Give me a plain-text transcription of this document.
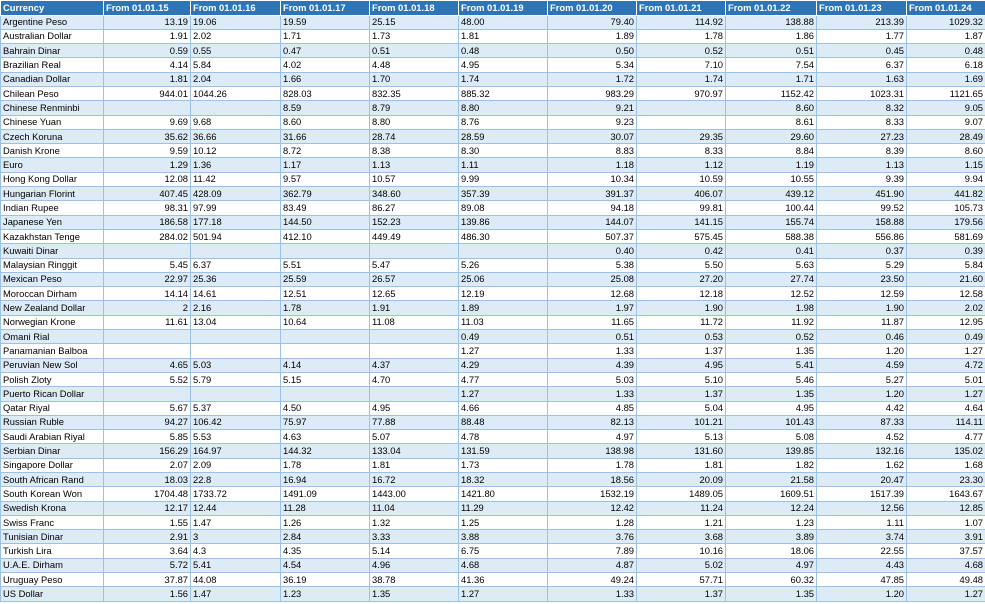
Currency	From 01.01.15	From 01.01.16	From 01.01.17	From 01.01.18	From 01.01.19	From 01.01.20	From 01.01.21	From 01.01.22	From 01.01.23	From 01.01.24
Argentine Peso	13.19	19.06	19.59	25.15	48.00	79.40	114.92	138.88	213.39	1029.32
Australian Dollar	1.91	2.02	1.71	1.73	1.81	1.89	1.78	1.86	1.77	1.87
Bahrain Dinar	0.59	0.55	0.47	0.51	0.48	0.50	0.52	0.51	0.45	0.48
Brazilian Real	4.14	5.84	4.02	4.48	4.95	5.34	7.10	7.54	6.37	6.18
Canadian Dollar	1.81	2.04	1.66	1.70	1.74	1.72	1.74	1.71	1.63	1.69
Chilean Peso	944.01	1044.26	828.03	832.35	885.32	983.29	970.97	1152.42	1023.31	1121.65
Chinese Renminbi			8.59	8.79	8.80	9.21		8.60	8.32	9.05
Chinese Yuan	9.69	9.68	8.60	8.80	8.76	9.23		8.61	8.33	9.07
Czech Koruna	35.62	36.66	31.66	28.74	28.59	30.07	29.35	29.60	27.23	28.49
Danish Krone	9.59	10.12	8.72	8.38	8.30	8.83	8.33	8.84	8.39	8.60
Euro	1.29	1.36	1.17	1.13	1.11	1.18	1.12	1.19	1.13	1.15
Hong Kong Dollar	12.08	11.42	9.57	10.57	9.99	10.34	10.59	10.55	9.39	9.94
Hungarian Florint	407.45	428.09	362.79	348.60	357.39	391.37	406.07	439.12	451.90	441.82
Indian Rupee	98.31	97.99	83.49	86.27	89.08	94.18	99.81	100.44	99.52	105.73
Japanese Yen	186.58	177.18	144.50	152.23	139.86	144.07	141.15	155.74	158.88	179.56
Kazakhstan Tenge	284.02	501.94	412.10	449.49	486.30	507.37	575.45	588.38	556.86	581.69
Kuwaiti Dinar						0.40	0.42	0.41	0.37	0.39
Malaysian Ringgit	5.45	6.37	5.51	5.47	5.26	5.38	5.50	5.63	5.29	5.84
Mexican Peso	22.97	25.36	25.59	26.57	25.06	25.08	27.20	27.74	23.50	21.60
Moroccan Dirham	14.14	14.61	12.51	12.65	12.19	12.68	12.18	12.52	12.59	12.58
New Zealand Dollar	2	2.16	1.78	1.91	1.89	1.97	1.90	1.98	1.90	2.02
Norwegian Krone	11.61	13.04	10.64	11.08	11.03	11.65	11.72	11.92	11.87	12.95
Omani Rial					0.49	0.51	0.53	0.52	0.46	0.49
Panamanian Balboa					1.27	1.33	1.37	1.35	1.20	1.27
Peruvian New Sol	4.65	5.03	4.14	4.37	4.29	4.39	4.95	5.41	4.59	4.72
Polish Zloty	5.52	5.79	5.15	4.70	4.77	5.03	5.10	5.46	5.27	5.01
Puerto Rican Dollar					1.27	1.33	1.37	1.35	1.20	1.27
Qatar Riyal	5.67	5.37	4.50	4.95	4.66	4.85	5.04	4.95	4.42	4.64
Russian Ruble	94.27	106.42	75.97	77.88	88.48	82.13	101.21	101.43	87.33	114.11
Saudi Arabian Riyal	5.85	5.53	4.63	5.07	4.78	4.97	5.13	5.08	4.52	4.77
Serbian Dinar	156.29	164.97	144.32	133.04	131.59	138.98	131.60	139.85	132.16	135.02
Singapore Dollar	2.07	2.09	1.78	1.81	1.73	1.78	1.81	1.82	1.62	1.68
South African Rand	18.03	22.8	16.94	16.72	18.32	18.56	20.09	21.58	20.47	23.30
South Korean Won	1704.48	1733.72	1491.09	1443.00	1421.80	1532.19	1489.05	1609.51	1517.39	1643.67
Swedish Krona	12.17	12.44	11.28	11.04	11.29	12.42	11.24	12.24	12.56	12.85
Swiss Franc	1.55	1.47	1.26	1.32	1.25	1.28	1.21	1.23	1.11	1.07
Tunisian Dinar	2.91	3	2.84	3.33	3.88	3.76	3.68	3.89	3.74	3.91
Turkish Lira	3.64	4.3	4.35	5.14	6.75	7.89	10.16	18.06	22.55	37.57
U.A.E. Dirham	5.72	5.41	4.54	4.96	4.68	4.87	5.02	4.97	4.43	4.68
Uruguay Peso	37.87	44.08	36.19	38.78	41.36	49.24	57.71	60.32	47.85	49.48
US Dollar	1.56	1.47	1.23	1.35	1.27	1.33	1.37	1.35	1.20	1.27
